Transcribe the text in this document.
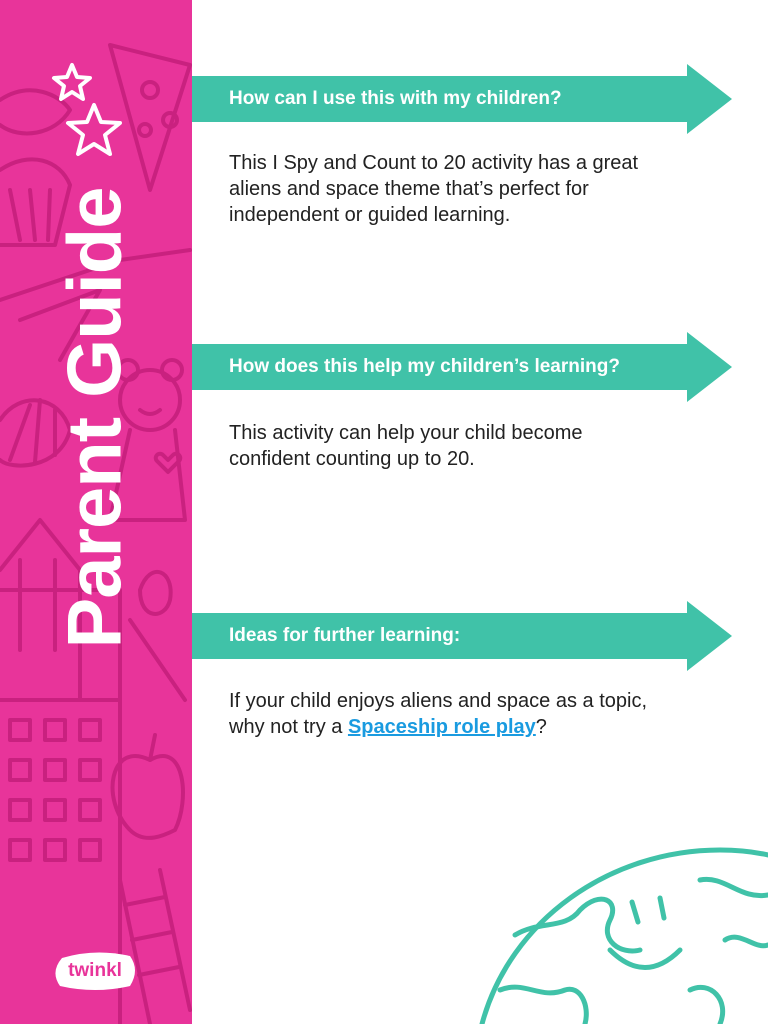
Parent Guide
twinkl
How can I use this with my children?

This I Spy and Count to 20 activity has a great aliens and space theme that’s perfect for independent or guided learning.

How does this help my children’s learning?

This activity can help your child become confident counting up to 20.

Ideas for further learning:

If your child enjoys aliens and space as a topic, why not try a Spaceship role play?
